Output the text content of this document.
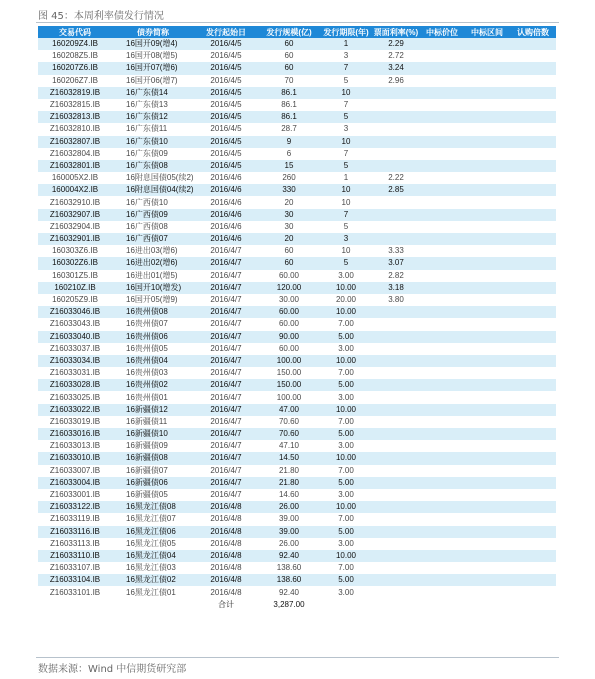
图 45：本周利率债发行情况
交易代码	债券简称	发行起始日	发行规模(亿)	发行期限(年)	票面利率(%)	中标价位	中标区间	认购倍数
160209Z4.IB	16国开09(增4)	2016/4/5	60	1	2.29			
160208Z5.IB	16国开08(增5)	2016/4/5	60	3	2.72			
160207Z6.IB	16国开07(增6)	2016/4/5	60	7	3.24			
160206Z7.IB	16国开06(增7)	2016/4/5	70	5	2.96			
Z16032819.IB	16广东债14	2016/4/5	86.1	10				
Z16032815.IB	16广东债13	2016/4/5	86.1	7				
Z16032813.IB	16广东债12	2016/4/5	86.1	5				
Z16032810.IB	16广东债11	2016/4/5	28.7	3				
Z16032807.IB	16广东债10	2016/4/5	9	10				
Z16032804.IB	16广东债09	2016/4/5	6	7				
Z16032801.IB	16广东债08	2016/4/5	15	5				
160005X2.IB	16附息国债05(续2)	2016/4/6	260	1	2.22			
160004X2.IB	16附息国债04(续2)	2016/4/6	330	10	2.85			
Z16032910.IB	16广西债10	2016/4/6	20	10				
Z16032907.IB	16广西债09	2016/4/6	30	7				
Z16032904.IB	16广西债08	2016/4/6	30	5				
Z16032901.IB	16广西债07	2016/4/6	20	3				
160303Z6.IB	16进出03(增6)	2016/4/7	60	10	3.33			
160302Z6.IB	16进出02(增6)	2016/4/7	60	5	3.07			
160301Z5.IB	16进出01(增5)	2016/4/7	60.00	3.00	2.82			
160210Z.IB	16国开10(增发)	2016/4/7	120.00	10.00	3.18			
160205Z9.IB	16国开05(增9)	2016/4/7	30.00	20.00	3.80			
Z16033046.IB	16贵州债08	2016/4/7	60.00	10.00				
Z16033043.IB	16贵州债07	2016/4/7	60.00	7.00				
Z16033040.IB	16贵州债06	2016/4/7	90.00	5.00				
Z16033037.IB	16贵州债05	2016/4/7	60.00	3.00				
Z16033034.IB	16贵州债04	2016/4/7	100.00	10.00				
Z16033031.IB	16贵州债03	2016/4/7	150.00	7.00				
Z16033028.IB	16贵州债02	2016/4/7	150.00	5.00				
Z16033025.IB	16贵州债01	2016/4/7	100.00	3.00				
Z16033022.IB	16新疆债12	2016/4/7	47.00	10.00				
Z16033019.IB	16新疆债11	2016/4/7	70.60	7.00				
Z16033016.IB	16新疆债10	2016/4/7	70.60	5.00				
Z16033013.IB	16新疆债09	2016/4/7	47.10	3.00				
Z16033010.IB	16新疆债08	2016/4/7	14.50	10.00				
Z16033007.IB	16新疆债07	2016/4/7	21.80	7.00				
Z16033004.IB	16新疆债06	2016/4/7	21.80	5.00				
Z16033001.IB	16新疆债05	2016/4/7	14.60	3.00				
Z16033122.IB	16黑龙江债08	2016/4/8	26.00	10.00				
Z16033119.IB	16黑龙江债07	2016/4/8	39.00	7.00				
Z16033116.IB	16黑龙江债06	2016/4/8	39.00	5.00				
Z16033113.IB	16黑龙江债05	2016/4/8	26.00	3.00				
Z16033110.IB	16黑龙江债04	2016/4/8	92.40	10.00				
Z16033107.IB	16黑龙江债03	2016/4/8	138.60	7.00				
Z16033104.IB	16黑龙江债02	2016/4/8	138.60	5.00				
Z16033101.IB	16黑龙江债01	2016/4/8	92.40	3.00				
		合计	3,287.00					
数据来源：Wind 中信期货研究部
